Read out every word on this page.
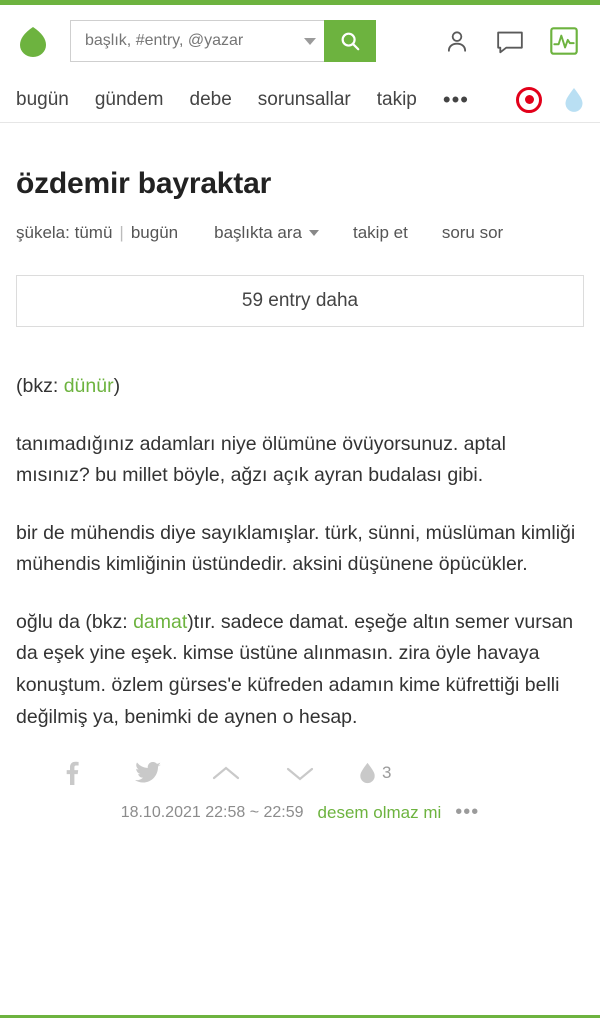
başlık, #entry, @yazar
bugün gündem debe sorunsallar takip •••
özdemir bayraktar
şükela:
tümü | bugün başlıkta ara	takip et soru sor
59 entry daha

(bkz: dünür)

tanımadığınız adamları niye ölümüne övüyorsunuz. aptal mısınız? bu millet böyle, ağzı açık ayran budalası gibi.

bir de mühendis diye sayıklamışlar. türk, sünni, müslüman kimliği mühendis kimliğinin üstündedir. aksini düşünene öpücükler.

oğlu da (bkz: damat)tır. sadece damat. eşeğe altın semer vursan da eşek yine eşek. kimse üstüne alınmasın. zira öyle havaya konuştum. özlem gürses'e küfreden adamın kime küfrettiği belli değilmiş ya, benimki de aynen o hesap.

3
18.10.2021 22:58 ~ 22:59 desem olmaz mi •••
